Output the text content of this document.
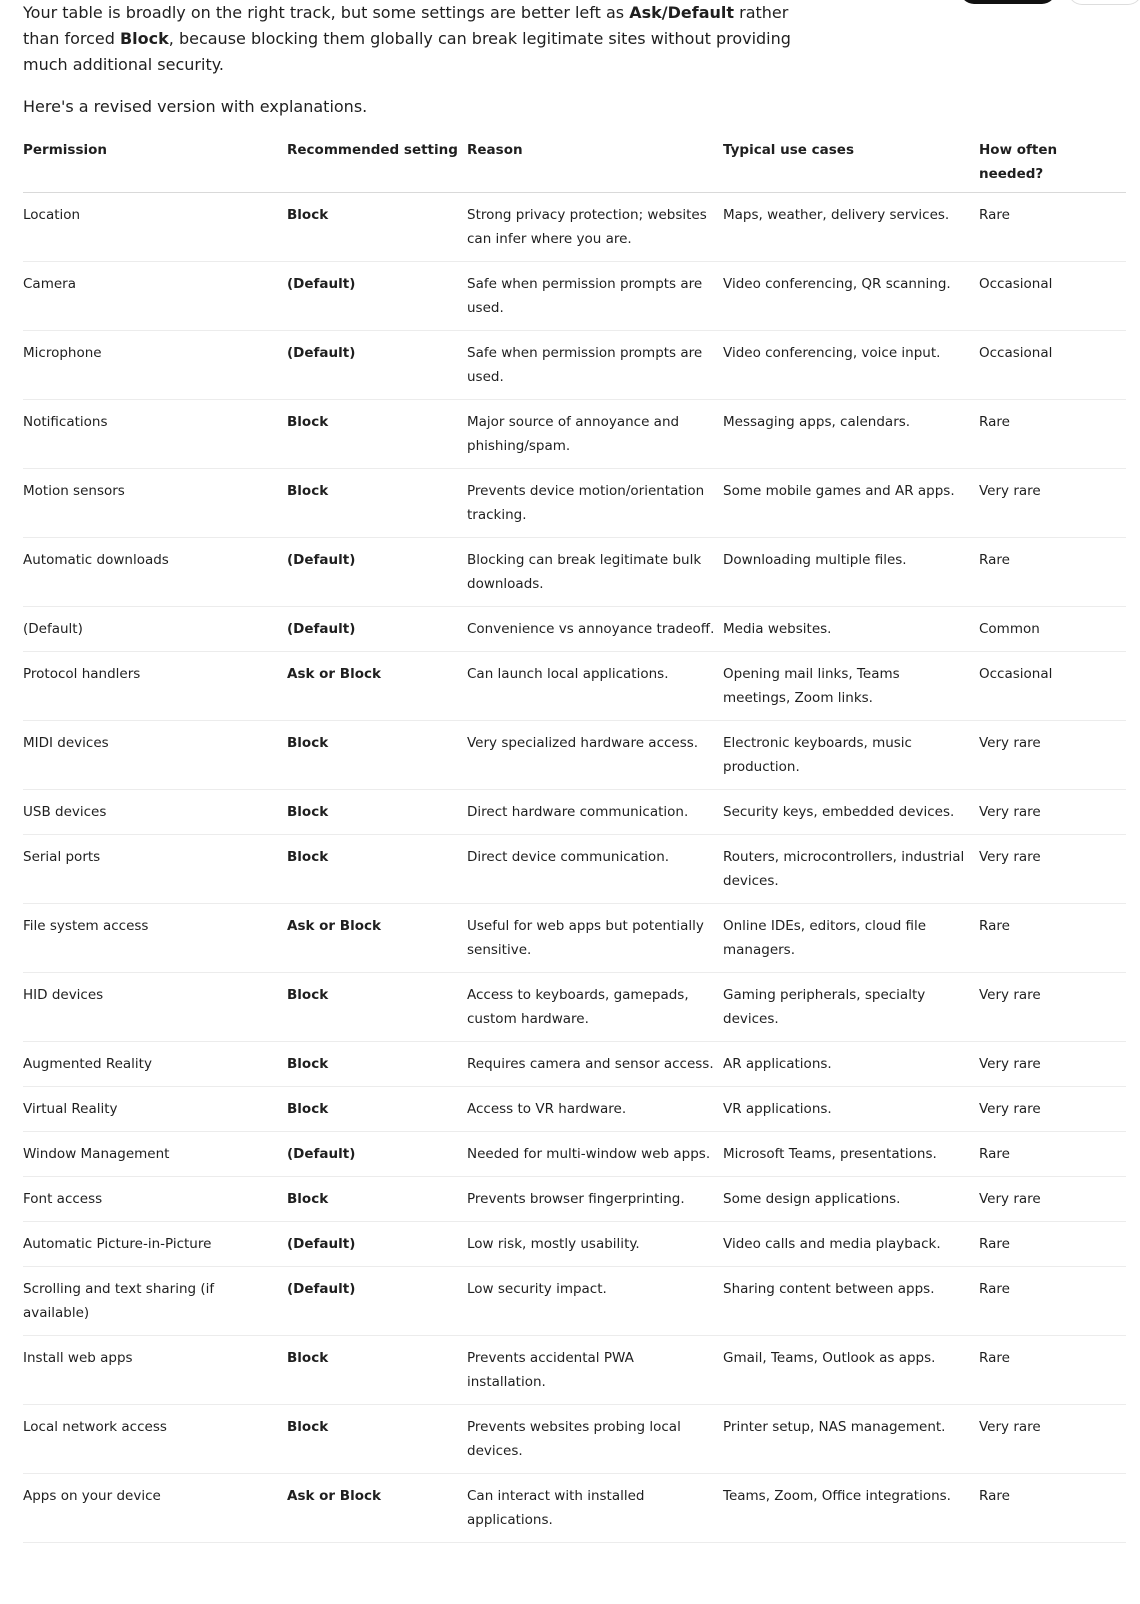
Your table is broadly on the right track, but some settings are better left as Ask/Default rather than forced Block, because blocking them globally can break legitimate sites without providing much additional security.

Here's a revised version with explanations.

Permission	Recommended setting	Reason	Typical use cases	How often needed?
Location	Block	Strong privacy protection; websites can infer where you are.	Maps, weather, delivery services.	Rare
Camera	(Default)	Safe when permission prompts are used.	Video conferencing, QR scanning.	Occasional
Microphone	(Default)	Safe when permission prompts are used.	Video conferencing, voice input.	Occasional
Notifications	Block	Major source of annoyance and phishing/spam.	Messaging apps, calendars.	Rare
Motion sensors	Block	Prevents device motion/orientation tracking.	Some mobile games and AR apps.	Very rare
Automatic downloads	(Default)	Blocking can break legitimate bulk downloads.	Downloading multiple files.	Rare
(Default)	(Default)	Convenience vs annoyance tradeoff.	Media websites.	Common
Protocol handlers	Ask or Block	Can launch local applications.	Opening mail links, Teams meetings, Zoom links.	Occasional
MIDI devices	Block	Very specialized hardware access.	Electronic keyboards, music production.	Very rare
USB devices	Block	Direct hardware communication.	Security keys, embedded devices.	Very rare
Serial ports	Block	Direct device communication.	Routers, microcontrollers, industrial devices.	Very rare
File system access	Ask or Block	Useful for web apps but potentially sensitive.	Online IDEs, editors, cloud file managers.	Rare
HID devices	Block	Access to keyboards, gamepads, custom hardware.	Gaming peripherals, specialty devices.	Very rare
Augmented Reality	Block	Requires camera and sensor access.	AR applications.	Very rare
Virtual Reality	Block	Access to VR hardware.	VR applications.	Very rare
Window Management	(Default)	Needed for multi-window web apps.	Microsoft Teams, presentations.	Rare
Font access	Block	Prevents browser fingerprinting.	Some design applications.	Very rare
Automatic Picture-in-Picture	(Default)	Low risk, mostly usability.	Video calls and media playback.	Rare
Scrolling and text sharing (if available)	(Default)	Low security impact.	Sharing content between apps.	Rare
Install web apps	Block	Prevents accidental PWA installation.	Gmail, Teams, Outlook as apps.	Rare
Local network access	Block	Prevents websites probing local devices.	Printer setup, NAS management.	Very rare
Apps on your device	Ask or Block	Can interact with installed applications.	Teams, Zoom, Office integrations.	Rare
